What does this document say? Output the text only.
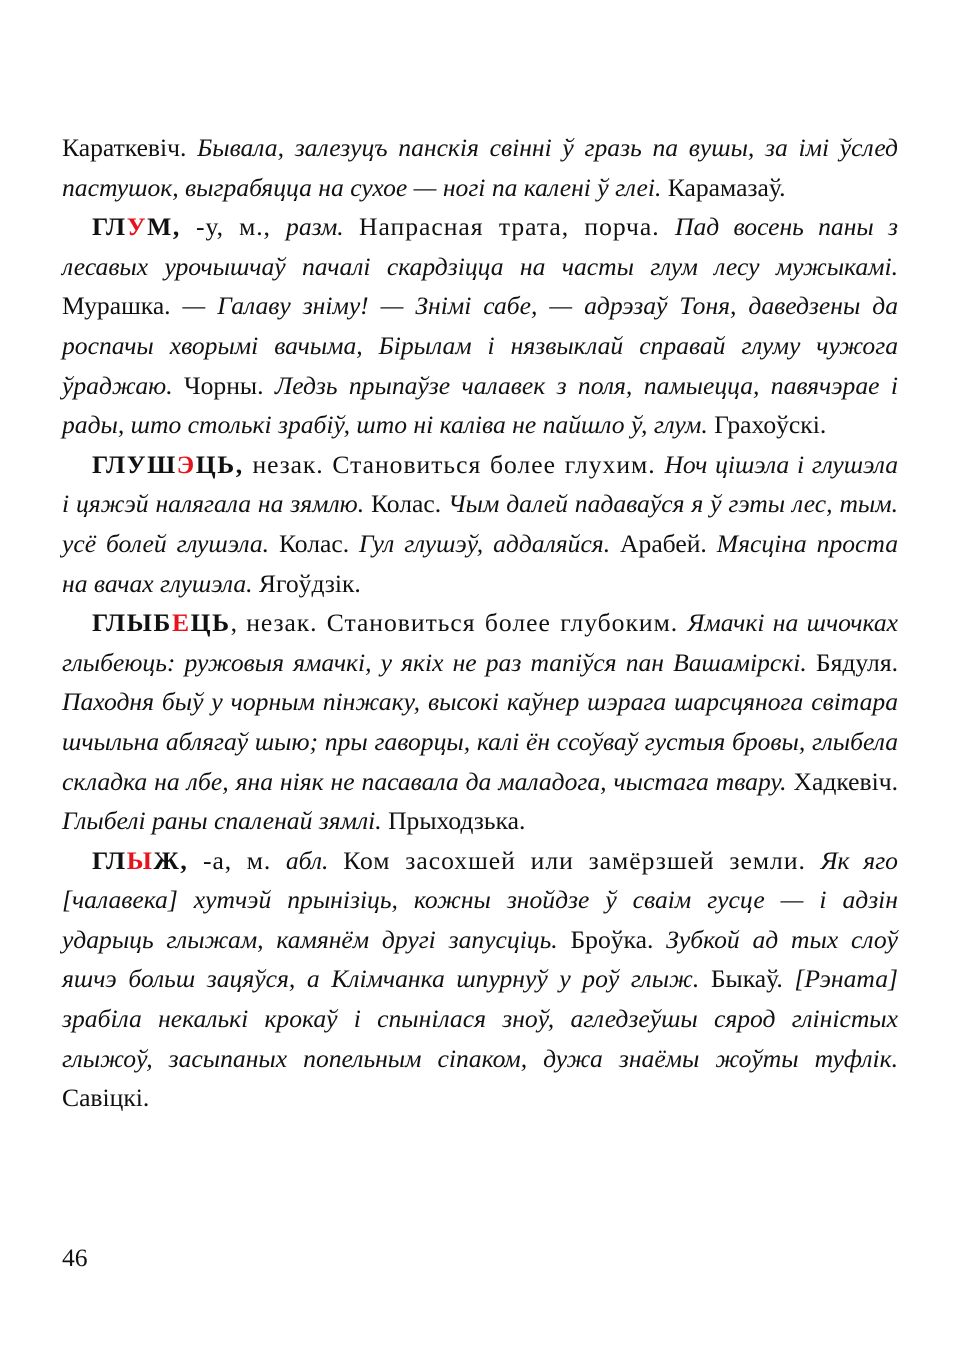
Караткевіч. Бывала, залезуцъ панскія свінні ў гразь па вушы, за імі ўслед пастушок, выграбяцца на сухое — ногі па калені ў глеі. Карамазаў.

ГЛУМ, -у, м., разм. Напрасная трата, порча. Пад восень паны з лесавых урочышчаў пачалі скардзіцца на часты глум лесу мужыкамі. Мурашка. — Галаву зніму! — Знімі сабе, — адрэзаў Тоня, даведзены да роспачы хворымі вачыма, Бірылам і нязвыклай справай глуму чужога ўраджаю. Чорны. Ледзь прыпаўзе чалавек з поля, памыецца, павячэрае і рады, што столькі зрабіў, што ні каліва не пайшло ў, глум. Грахоўскі.

ГЛУШЭЦЬ, незак. Становиться более глухим. Ноч цішэла і глушэла і цяжэй налягала на зямлю. Колас. Чым далей падаваўся я ў гэты лес, тым. усё болей глушэла. Колас. Гул глушэў, аддаляйся. Арабей. Мясціна проста на вачах глушэла. Ягоўдзік.

ГЛЫБЕЦЬ, незак. Становиться более глубоким. Ямачкі на шчочках глыбеюць: ружовыя ямачкі, у якіх не раз тапіўся пан Вашамірскі. Бядуля. Паходня быў у чорным пінжаку, высокі каўнер шэрага шарсцянога світара шчыльна аблягаў шыю; пры гаворцы, калі ён ссоўваў густыя бровы, глыбела складка на лбе, яна ніяк не пасавала да маладога, чыстага твару. Хадкевіч. Глыбелі раны спаленай зямлі. Прыходзька.

ГЛЫЖ, -а, м. абл. Ком засохшей или замёрзшей земли. Як яго [чалавека] хутчэй прынізіць, кожны знойдзе ў сваім гусце — і адзін ударыць глыжам, камянём другі запусціць. Броўка. Зубкой ад тых слоў яшчэ больш зацяўся, а Клімчанка шпурнуў у роў глыж. Быкаў. [Рэната] зрабіла некалькі крокаў і спынілася зноў, агледзеўшы сярод гліністых глыжоў, засыпаных попельным сіпаком, дужа знаёмы жоўты туфлік. Савіцкі.

46
